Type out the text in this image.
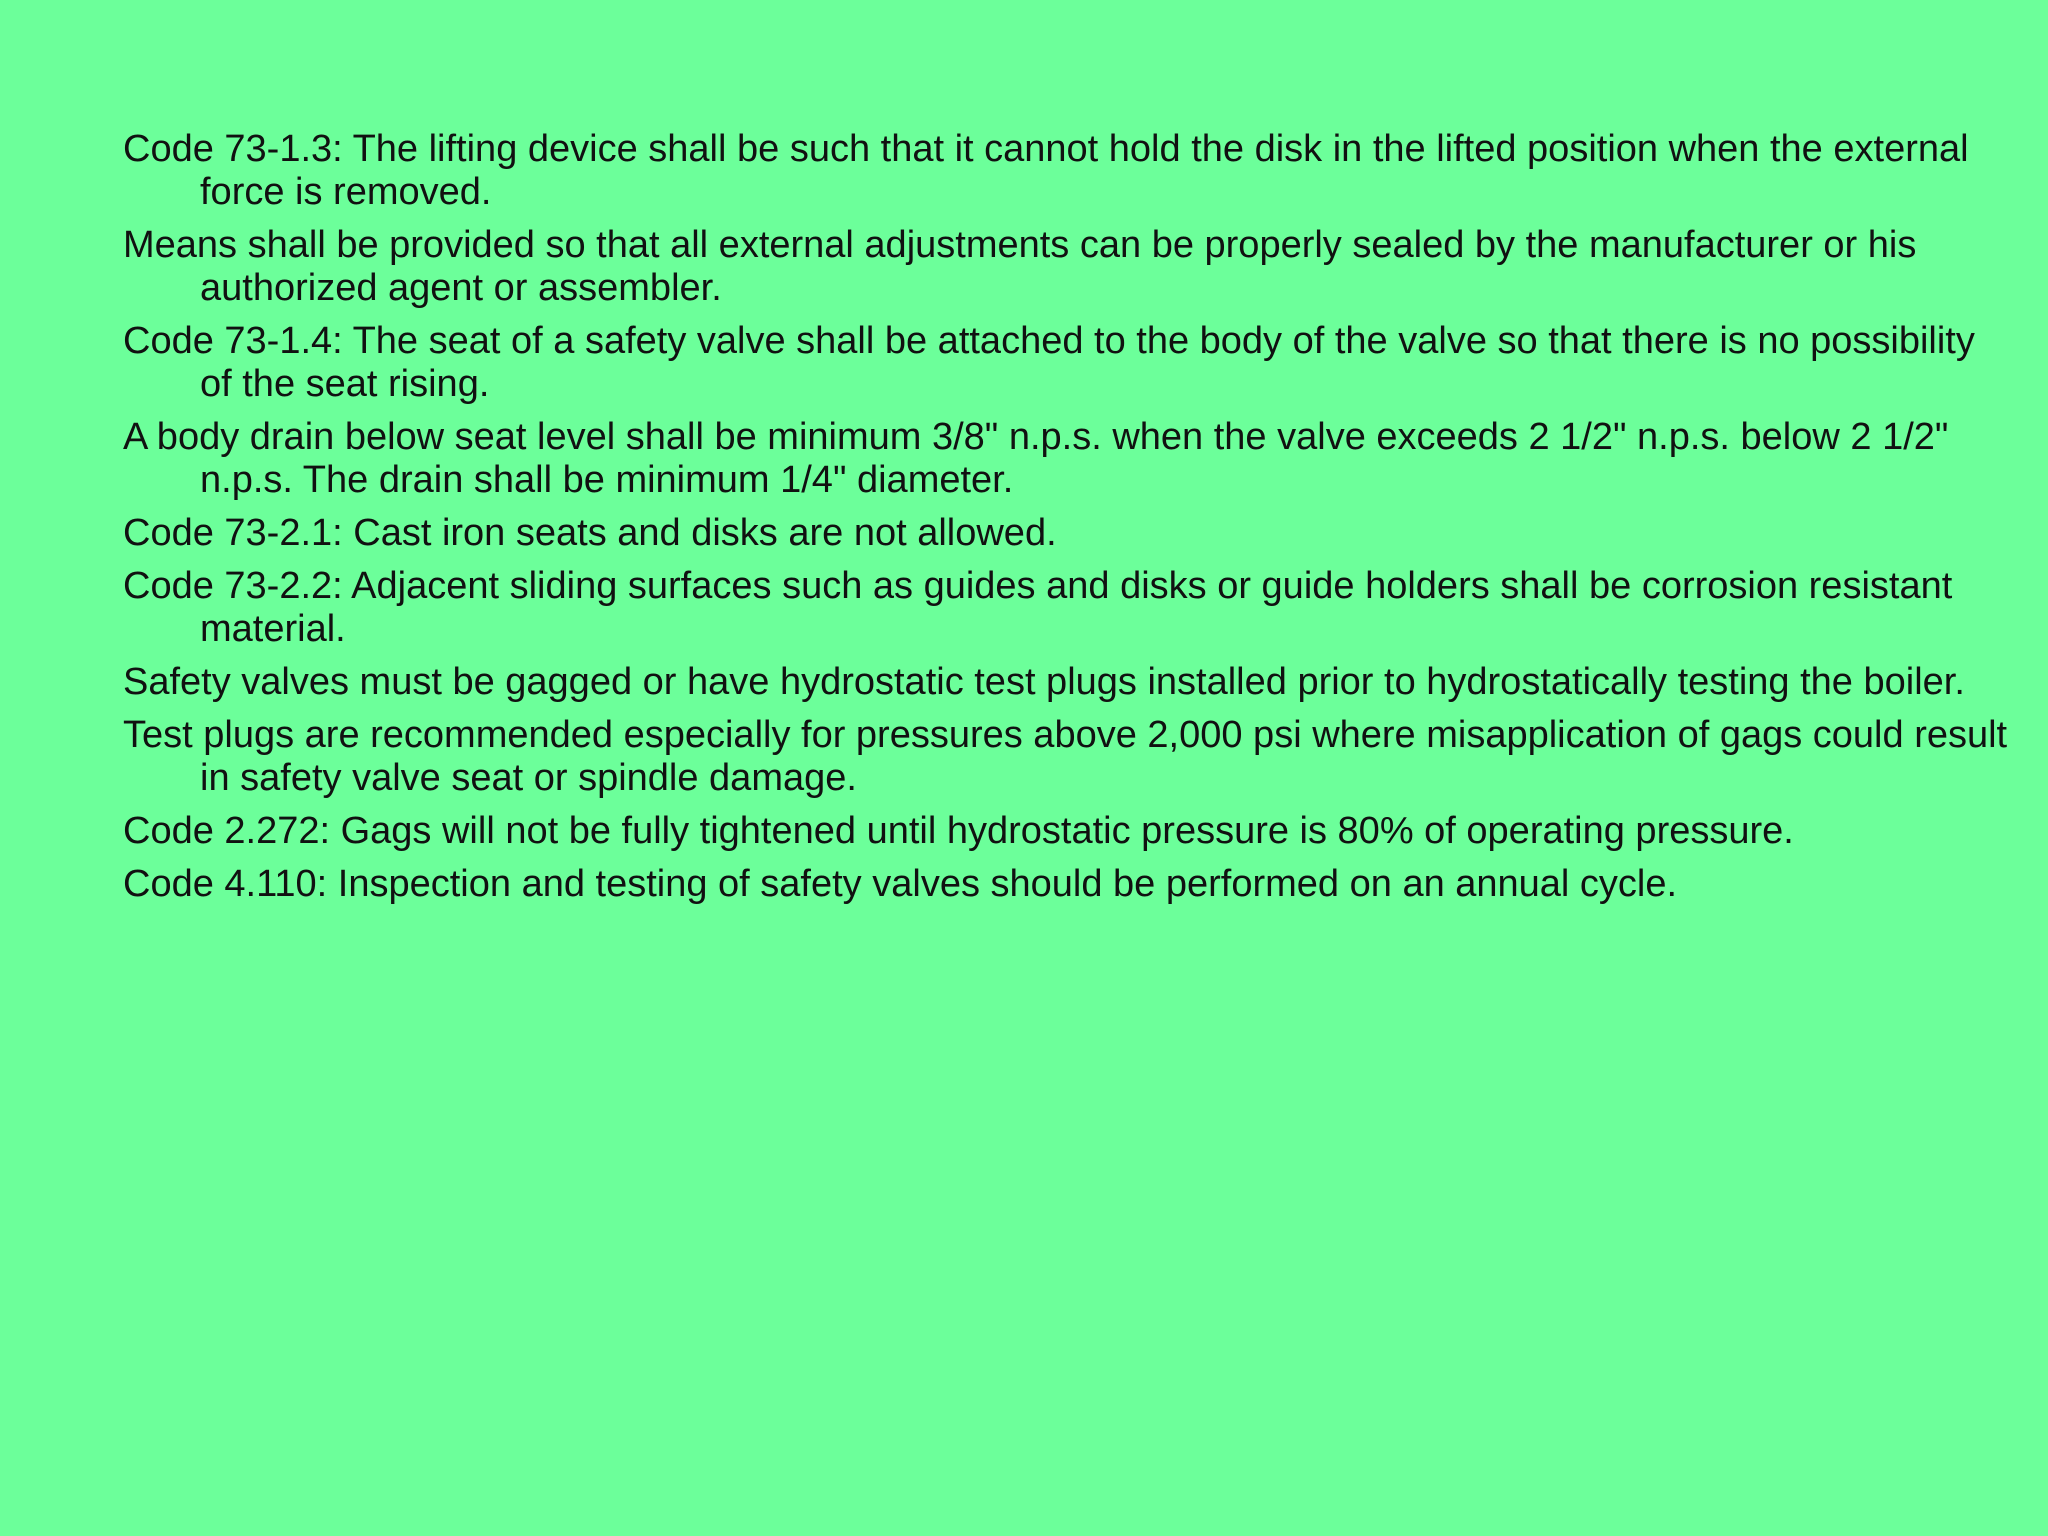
Code 73-1.3: The lifting device shall be such that it cannot hold the disk in the lifted position when the external force is removed.

Means shall be provided so that all external adjustments can be properly sealed by the manufacturer or his authorized agent or assembler.

Code 73-1.4: The seat of a safety valve shall be attached to the body of the valve so that there is no possibility of the seat rising.

A body drain below seat level shall be minimum 3/8" n.p.s. when the valve exceeds 2 1/2" n.p.s. below 2 1/2" n.p.s. The drain shall be minimum 1/4" diameter.

Code 73-2.1: Cast iron seats and disks are not allowed.

Code 73-2.2: Adjacent sliding surfaces such as guides and disks or guide holders shall be corrosion resistant material.

Safety valves must be gagged or have hydrostatic test plugs installed prior to hydrostatically testing the boiler.

Test plugs are recommended especially for pressures above 2,000 psi where misapplication of gags could result in safety valve seat or spindle damage.

Code 2.272: Gags will not be fully tightened until hydrostatic pressure is 80% of operating pressure.

Code 4.110: Inspection and testing of safety valves should be performed on an annual cycle.
